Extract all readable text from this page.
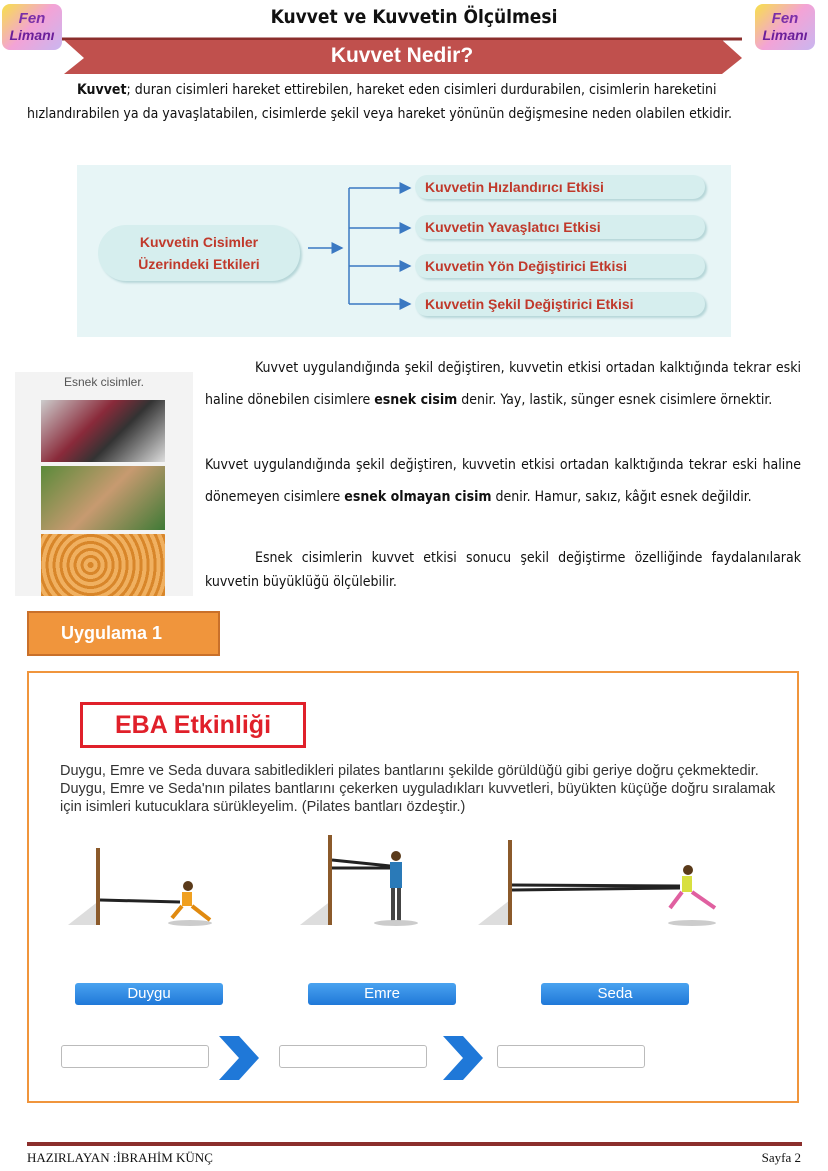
Fen
Limanı
Fen
Limanı
Kuvvet ve Kuvvetin Ölçülmesi
Kuvvet Nedir?
Kuvvet; duran cisimleri hareket ettirebilen, hareket eden cisimleri durdurabilen, cisimlerin hareketini hızlandırabilen ya da yavaşlatabilen, cisimlerde şekil veya hareket yönünün değişmesine neden olabilen etkidir.
Kuvvetin Cisimler Üzerindeki Etkileri
Kuvvetin Hızlandırıcı Etkisi
Kuvvetin Yavaşlatıcı Etkisi
Kuvvetin Yön Değiştirici Etkisi
Kuvvetin Şekil Değiştirici Etkisi
Esnek cisimler.
Kuvvet uygulandığında şekil değiştiren, kuvvetin etkisi ortadan kalktığında tekrar eski haline dönebilen cisimlere esnek cisim denir. Yay, lastik, sünger esnek cisimlere örnektir.
Kuvvet uygulandığında şekil değiştiren, kuvvetin etkisi ortadan kalktığında tekrar eski haline dönemeyen cisimlere esnek olmayan cisim denir. Hamur, sakız, kâğıt esnek değildir.
Esnek cisimlerin kuvvet etkisi sonucu şekil değiştirme özelliğinde faydalanılarak kuvvetin büyüklüğü ölçülebilir.
Uygulama 1
EBA Etkinliği
Duygu, Emre ve Seda duvara sabitledikleri pilates bantlarını şekilde görüldüğü gibi geriye doğru çekmektedir. Duygu, Emre ve Seda'nın pilates bantlarını çekerken uyguladıkları kuvvetleri, büyükten küçüğe doğru sıralamak için isimleri kutucuklara sürükleyelim. (Pilates bantları özdeştir.)
Duygu	Emre	Seda
HAZIRLAYAN :İBRAHİM KÜNÇ	Sayfa 2
